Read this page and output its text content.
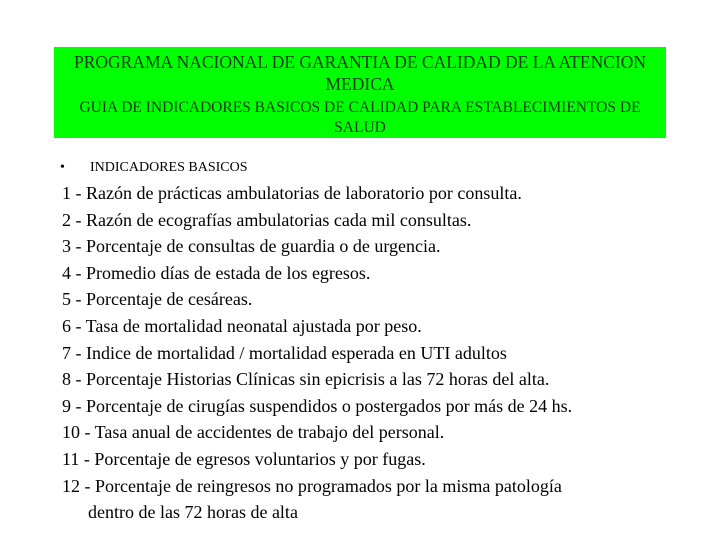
PROGRAMA NACIONAL DE GARANTIA DE CALIDAD DE LA ATENCION MEDICA
GUIA DE INDICADORES BASICOS DE CALIDAD PARA ESTABLECIMIENTOS DE SALUD
• INDICADORES BASICOS
1 - Razón de prácticas ambulatorias de laboratorio por consulta.
2 - Razón de ecografías ambulatorias cada mil consultas.
3 - Porcentaje de consultas de guardia o de urgencia.
4 - Promedio días de estada de los egresos.
5 - Porcentaje de cesáreas.
6 - Tasa de mortalidad neonatal ajustada por peso.
7 - Indice de mortalidad / mortalidad esperada en UTI adultos
8 - Porcentaje Historias Clínicas sin epicrisis a las 72 horas del alta.
9 - Porcentaje de cirugías suspendidos o postergados por más de 24 hs.
10 - Tasa anual de accidentes de trabajo del personal.
11 - Porcentaje de egresos voluntarios y por fugas.
12 - Porcentaje de reingresos no programados por la misma patología
dentro de las 72 horas de alta
